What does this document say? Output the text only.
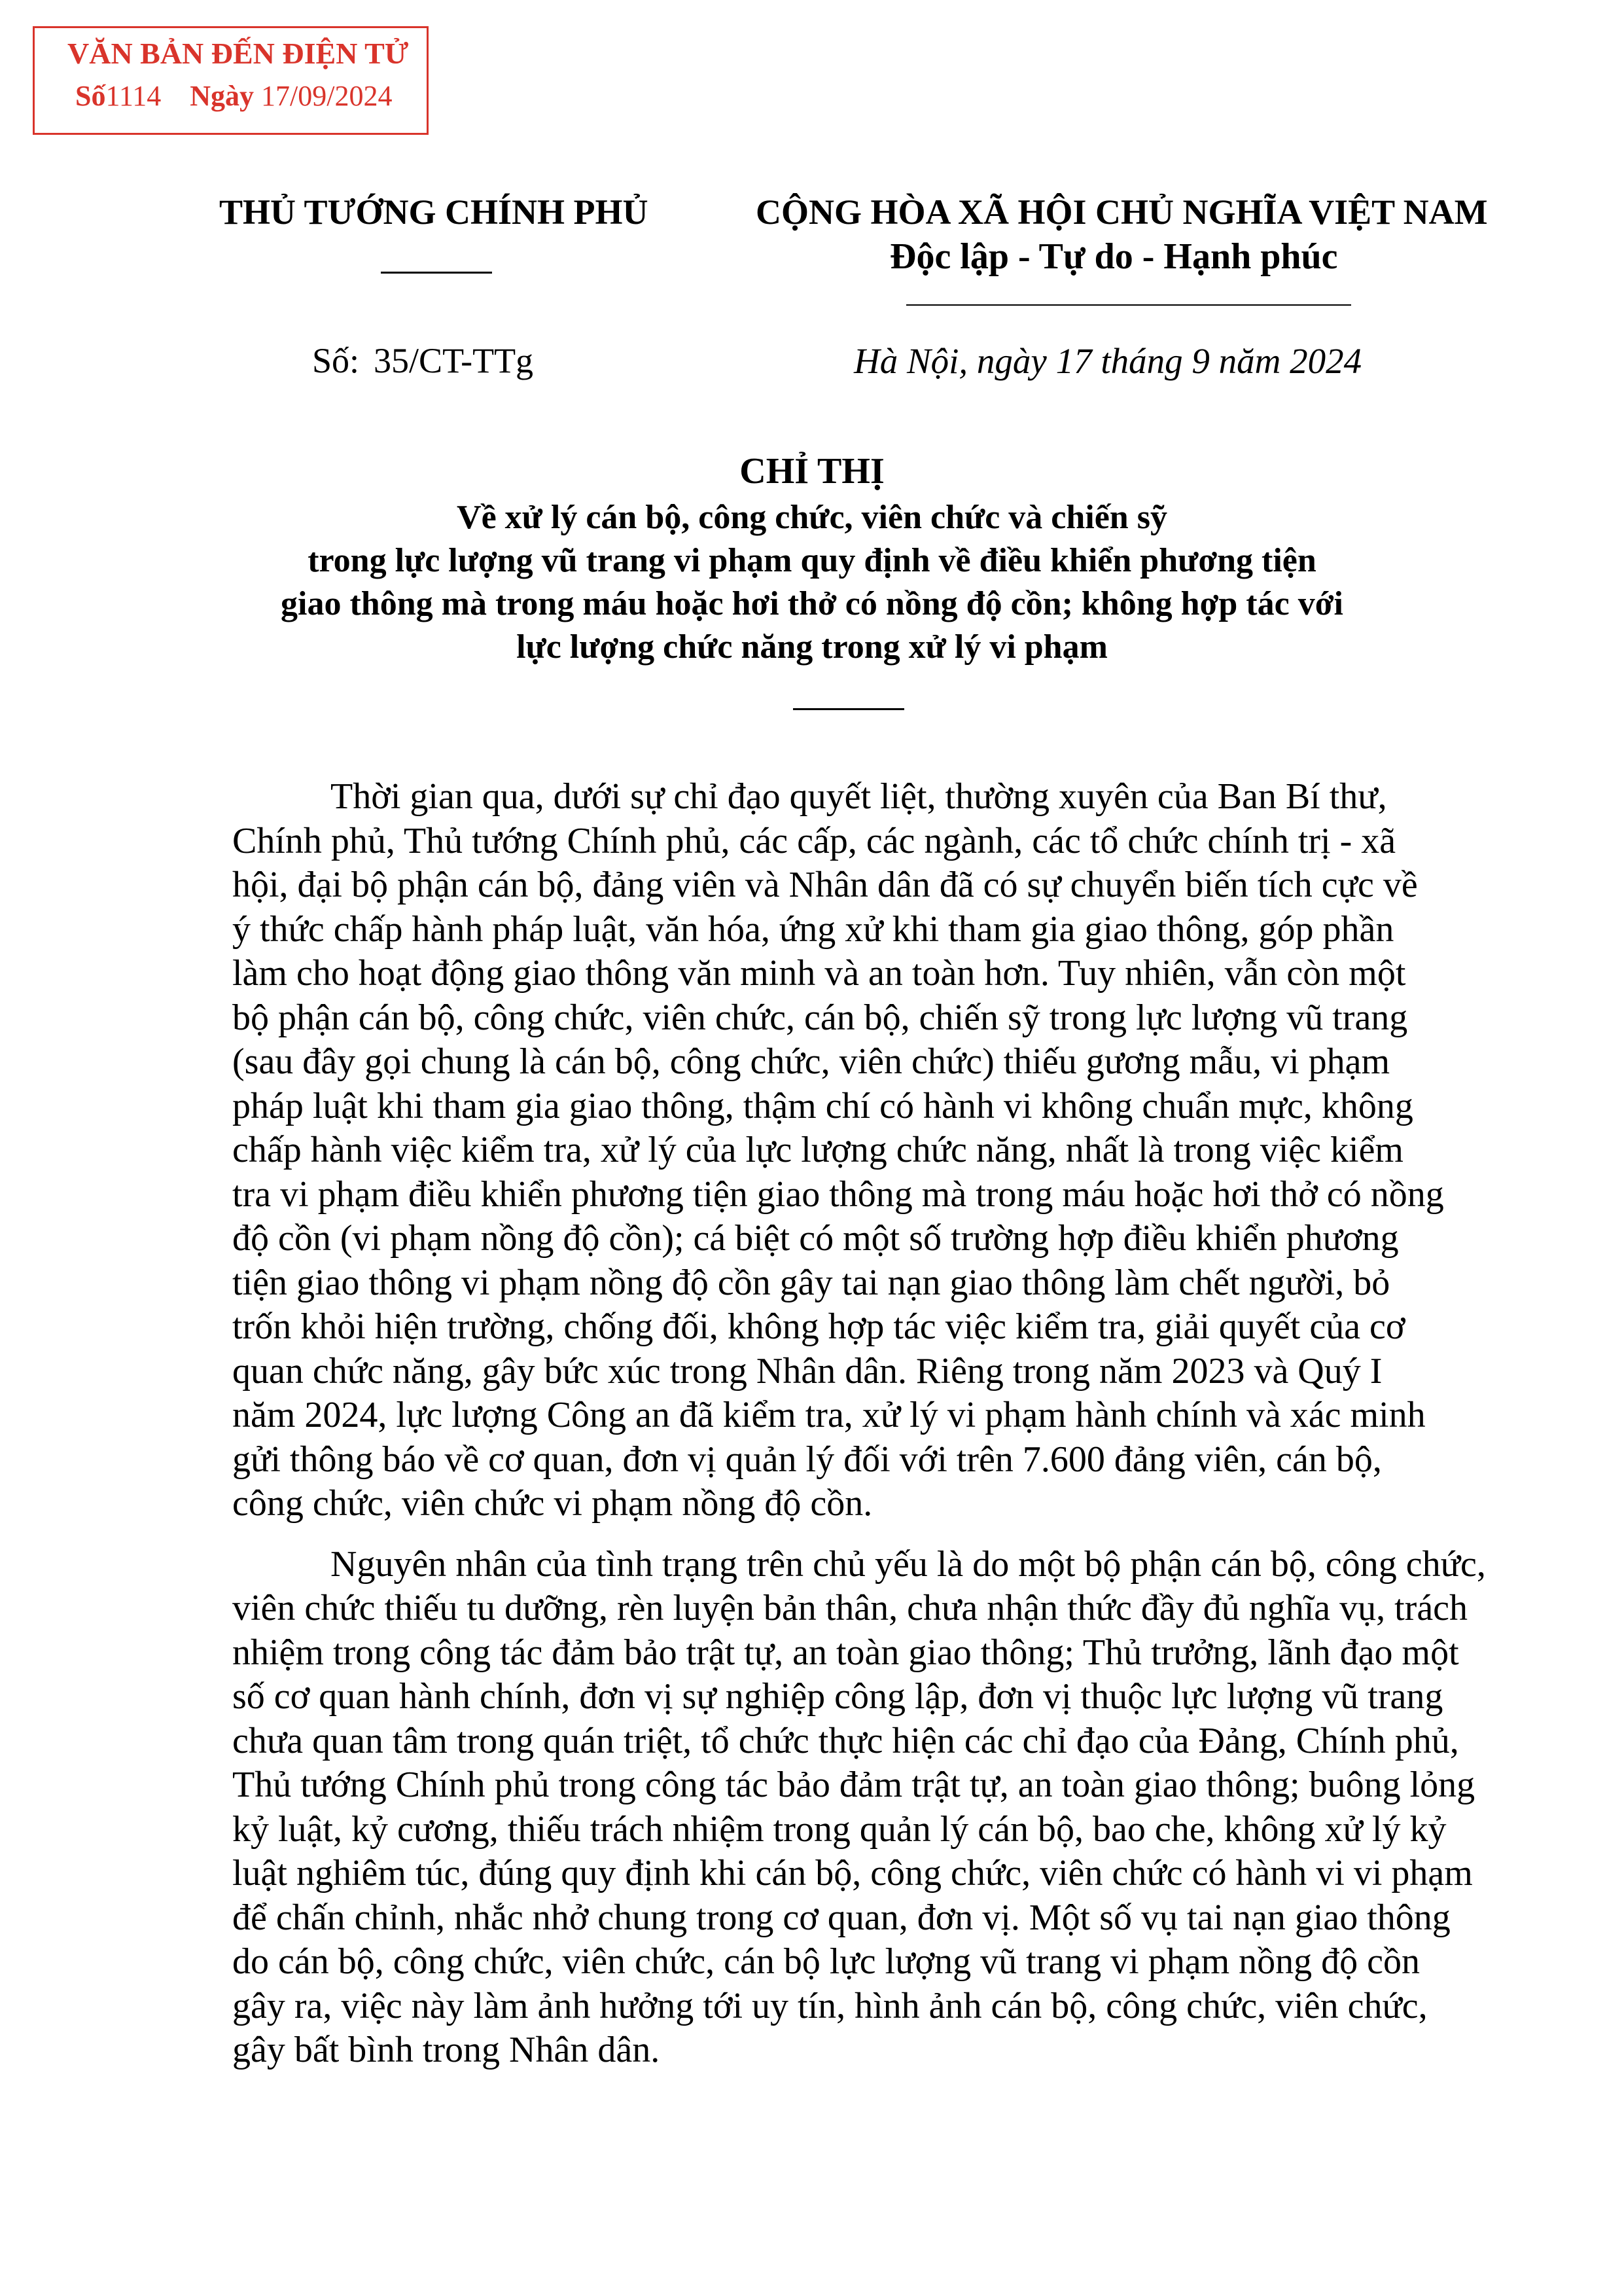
VĂN BẢN ĐẾN ĐIỆN TỬ
Số1114 Ngày 17/09/2024
THỦ TƯỚNG CHÍNH PHỦ	CỘNG HÒA XÃ HỘI CHỦ NGHĨA VIỆT NAM
Độc lập - Tự do - Hạnh phúc
Số: 35/CT-TTg	Hà Nội, ngày 17 tháng 9 năm 2024
CHỈ THỊ
Về xử lý cán bộ, công chức, viên chức và chiến sỹ
trong lực lượng vũ trang vi phạm quy định về điều khiển phương tiện
giao thông mà trong máu hoặc hơi thở có nồng độ cồn; không hợp tác với
lực lượng chức năng trong xử lý vi phạm
Thời gian qua, dưới sự chỉ đạo quyết liệt, thường xuyên của Ban Bí thư,
Chính phủ, Thủ tướng Chính phủ, các cấp, các ngành, các tổ chức chính trị - xã
hội, đại bộ phận cán bộ, đảng viên và Nhân dân đã có sự chuyển biến tích cực về
ý thức chấp hành pháp luật, văn hóa, ứng xử khi tham gia giao thông, góp phần
làm cho hoạt động giao thông văn minh và an toàn hơn. Tuy nhiên, vẫn còn một
bộ phận cán bộ, công chức, viên chức, cán bộ, chiến sỹ trong lực lượng vũ trang
(sau đây gọi chung là cán bộ, công chức, viên chức) thiếu gương mẫu, vi phạm
pháp luật khi tham gia giao thông, thậm chí có hành vi không chuẩn mực, không
chấp hành việc kiểm tra, xử lý của lực lượng chức năng, nhất là trong việc kiểm
tra vi phạm điều khiển phương tiện giao thông mà trong máu hoặc hơi thở có nồng
độ cồn (vi phạm nồng độ cồn); cá biệt có một số trường hợp điều khiển phương
tiện giao thông vi phạm nồng độ cồn gây tai nạn giao thông làm chết người, bỏ
trốn khỏi hiện trường, chống đối, không hợp tác việc kiểm tra, giải quyết của cơ
quan chức năng, gây bức xúc trong Nhân dân. Riêng trong năm 2023 và Quý I
năm 2024, lực lượng Công an đã kiểm tra, xử lý vi phạm hành chính và xác minh
gửi thông báo về cơ quan, đơn vị quản lý đối với trên 7.600 đảng viên, cán bộ,
công chức, viên chức vi phạm nồng độ cồn.
Nguyên nhân của tình trạng trên chủ yếu là do một bộ phận cán bộ, công chức,
viên chức thiếu tu dưỡng, rèn luyện bản thân, chưa nhận thức đầy đủ nghĩa vụ, trách
nhiệm trong công tác đảm bảo trật tự, an toàn giao thông; Thủ trưởng, lãnh đạo một
số cơ quan hành chính, đơn vị sự nghiệp công lập, đơn vị thuộc lực lượng vũ trang
chưa quan tâm trong quán triệt, tổ chức thực hiện các chỉ đạo của Đảng, Chính phủ,
Thủ tướng Chính phủ trong công tác bảo đảm trật tự, an toàn giao thông; buông lỏng
kỷ luật, kỷ cương, thiếu trách nhiệm trong quản lý cán bộ, bao che, không xử lý kỷ
luật nghiêm túc, đúng quy định khi cán bộ, công chức, viên chức có hành vi vi phạm
để chấn chỉnh, nhắc nhở chung trong cơ quan, đơn vị. Một số vụ tai nạn giao thông
do cán bộ, công chức, viên chức, cán bộ lực lượng vũ trang vi phạm nồng độ cồn
gây ra, việc này làm ảnh hưởng tới uy tín, hình ảnh cán bộ, công chức, viên chức,
gây bất bình trong Nhân dân.
